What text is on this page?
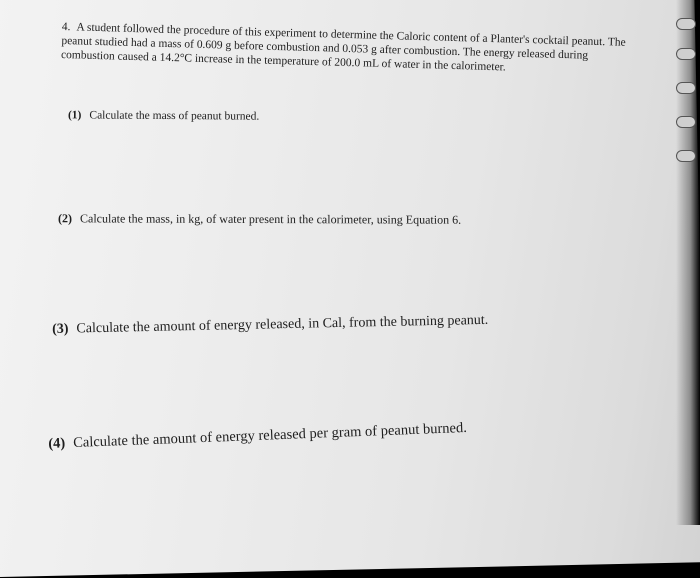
4. A student followed the procedure of this experiment to determine the Caloric content of a Planter's cocktail peanut. The peanut studied had a mass of 0.609 g before combustion and 0.053 g after combustion. The energy released during combustion caused a 14.2°C increase in the temperature of 200.0 mL of water in the calorimeter.
(1) Calculate the mass of peanut burned.
(2) Calculate the mass, in kg, of water present in the calorimeter, using Equation 6.
(3) Calculate the amount of energy released, in Cal, from the burning peanut.
(4) Calculate the amount of energy released per gram of peanut burned.
